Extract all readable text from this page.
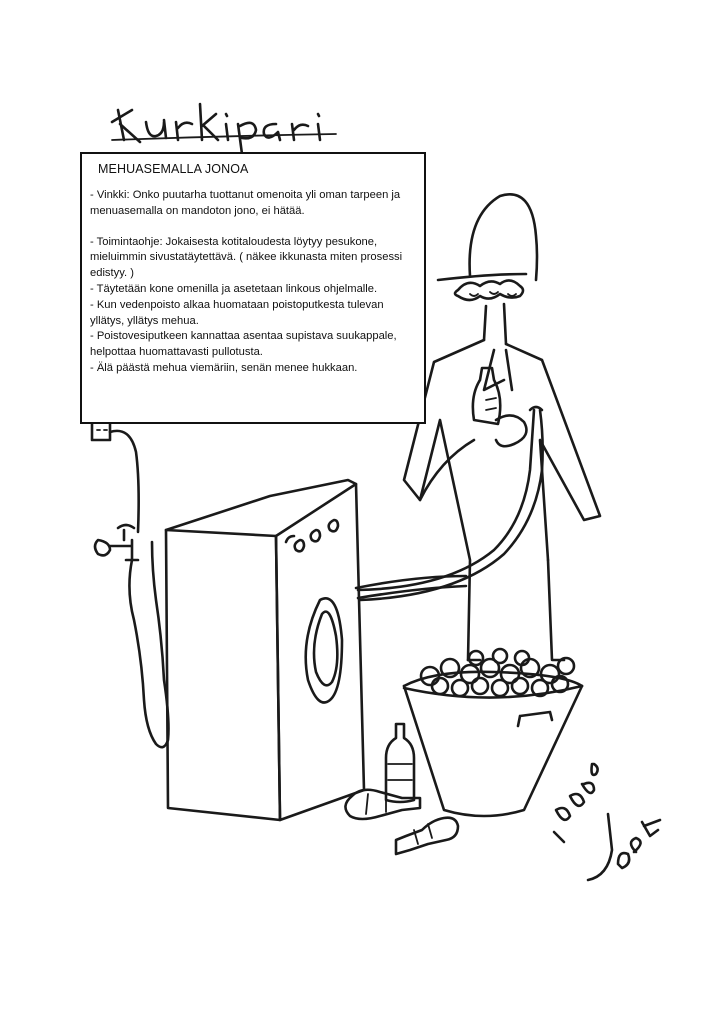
MEHUASEMALLA JONOA

- Vinkki: Onko puutarha tuottanut omenoita yli oman tarpeen ja menuasemalla on mandoton jono, ei hätää.

- Toimintaohje: Jokaisesta kotitaloudesta löytyy pesukone, mieluimmin sivustatäytettävä. ( näkee ikkunasta miten prosessi edistyy. )

- Täytetään kone omenilla ja asetetaan linkous ohjelmalle.

- Kun vedenpoisto alkaa huomataan poistoputkesta tulevan yllätys, yllätys mehua.

- Poistovesiputkeen kannattaa asentaa supistava suukappale, helpottaa huomattavasti pullotusta.

- Älä päästä mehua viemäriin, senän menee hukkaan.
